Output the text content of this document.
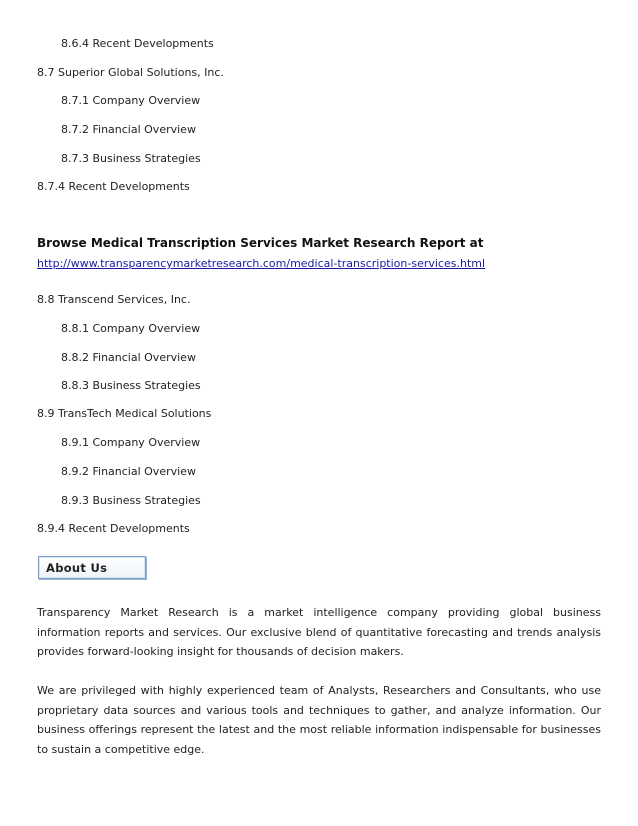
8.6.4 Recent Developments
8.7 Superior Global Solutions, Inc.
8.7.1 Company Overview
8.7.2 Financial Overview
8.7.3 Business Strategies
8.7.4 Recent Developments
Browse Medical Transcription Services Market Research Report at
http://www.transparencymarketresearch.com/medical-transcription-services.html
8.8 Transcend Services, Inc.
8.8.1 Company Overview
8.8.2 Financial Overview
8.8.3 Business Strategies
8.9 TransTech Medical Solutions
8.9.1 Company Overview
8.9.2 Financial Overview
8.9.3 Business Strategies
8.9.4 Recent Developments
About Us
Transparency Market Research is a market intelligence company providing global business information reports and services. Our exclusive blend of quantitative forecasting and trends analysis provides forward-looking insight for thousands of decision makers.
We are privileged with highly experienced team of Analysts, Researchers and Consultants, who use proprietary data sources and various tools and techniques to gather, and analyze information. Our business offerings represent the latest and the most reliable information indispensable for businesses to sustain a competitive edge.
